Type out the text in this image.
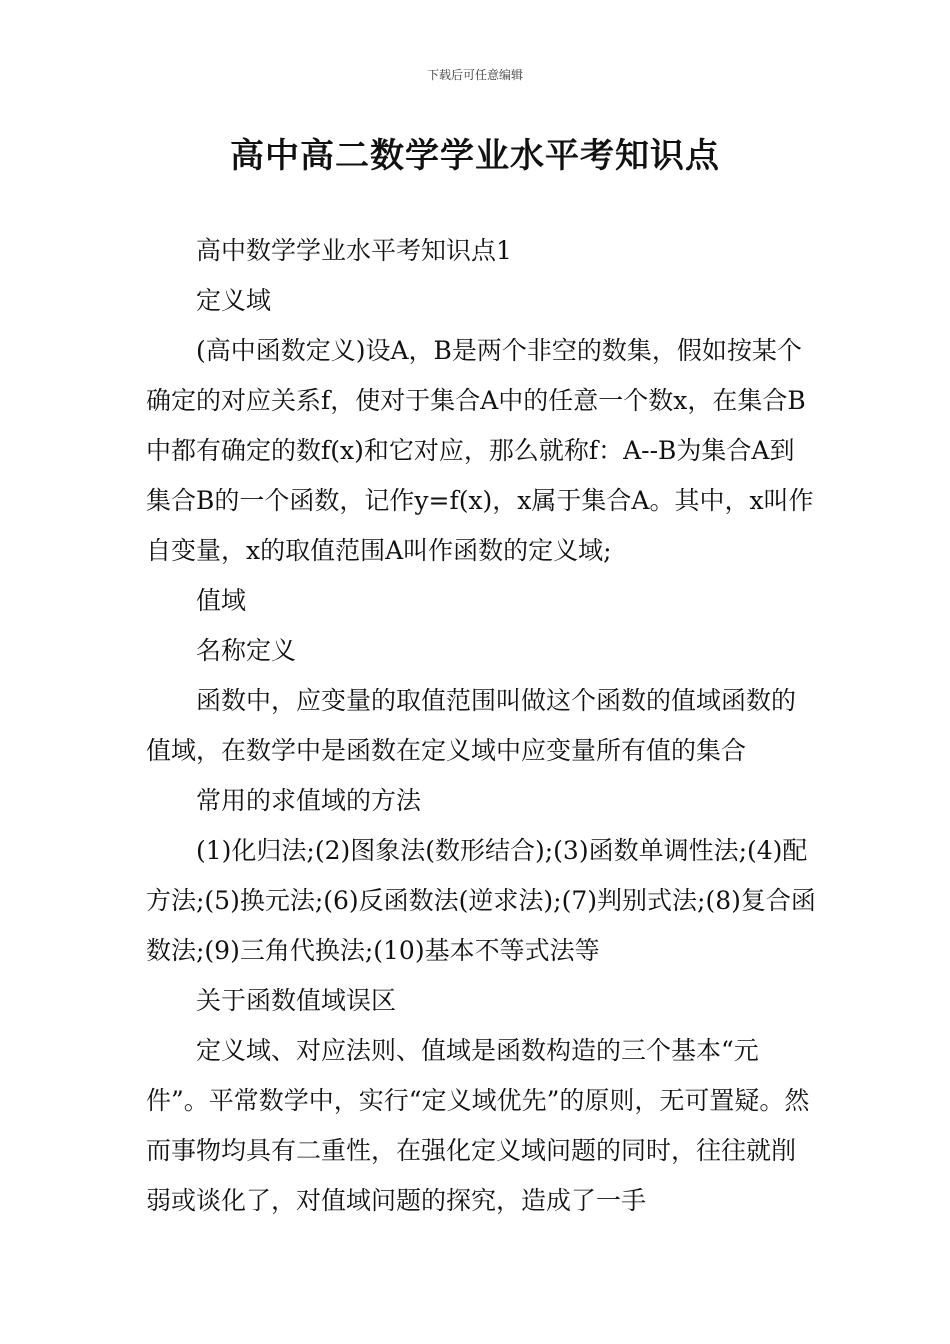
下载后可任意编辑
高中高二数学学业水平考知识点

高中数学学业水平考知识点1

定义域

(高中函数定义)设A，B是两个非空的数集，假如按某个确定的对应关系f，使对于集合A中的任意一个数x，在集合B中都有确定的数f(x)和它对应，那么就称f：A--B为集合A到集合B的一个函数，记作y=f(x)，x属于集合A。其中，x叫作自变量，x的取值范围A叫作函数的定义域;

值域

名称定义

函数中，应变量的取值范围叫做这个函数的值域函数的值域，在数学中是函数在定义域中应变量所有值的集合

常用的求值域的方法

(1)化归法;(2)图象法(数形结合);(3)函数单调性法;(4)配方法;(5)换元法;(6)反函数法(逆求法);(7)判别式法;(8)复合函数法;(9)三角代换法;(10)基本不等式法等

关于函数值域误区

定义域、对应法则、值域是函数构造的三个基本“元件”。平常数学中，实行“定义域优先”的原则，无可置疑。然而事物均具有二重性，在强化定义域问题的同时，往往就削弱或谈化了，对值域问题的探究，造成了一手
